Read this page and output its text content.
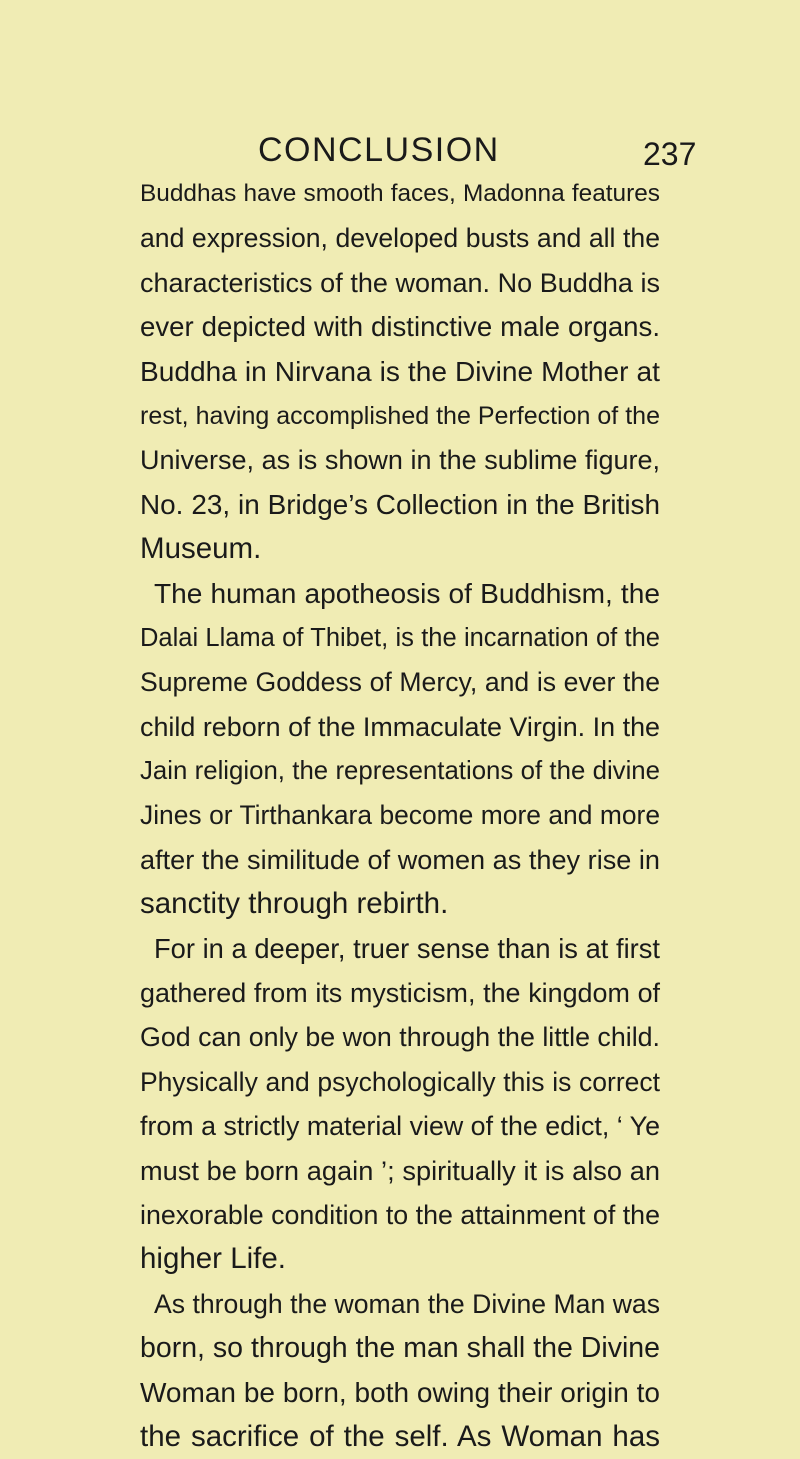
CONCLUSION	237
Buddhas have smooth faces, Madonna features
and expression, developed busts and all the
characteristics of the woman. No Buddha is
ever depicted with distinctive male organs.
Buddha in Nirvana is the Divine Mother at
rest, having accomplished the Perfection of the
Universe, as is shown in the sublime figure,
No. 23, in Bridge’s Collection in the British
Museum.
The human apotheosis of Buddhism, the
Dalai Llama of Thibet, is the incarnation of the
Supreme Goddess of Mercy, and is ever the
child reborn of the Immaculate Virgin. In the
Jain religion, the representations of the divine
Jines or Tirthankara become more and more
after the similitude of women as they rise in
sanctity through rebirth.
For in a deeper, truer sense than is at first
gathered from its mysticism, the kingdom of
God can only be won through the little child.
Physically and psychologically this is correct
from a strictly material view of the edict, ‘ Ye
must be born again ’; spiritually it is also an
inexorable condition to the attainment of the
higher Life.
As through the woman the Divine Man was
born, so through the man shall the Divine
Woman be born, both owing their origin to
the sacrifice of the self. As Woman has
